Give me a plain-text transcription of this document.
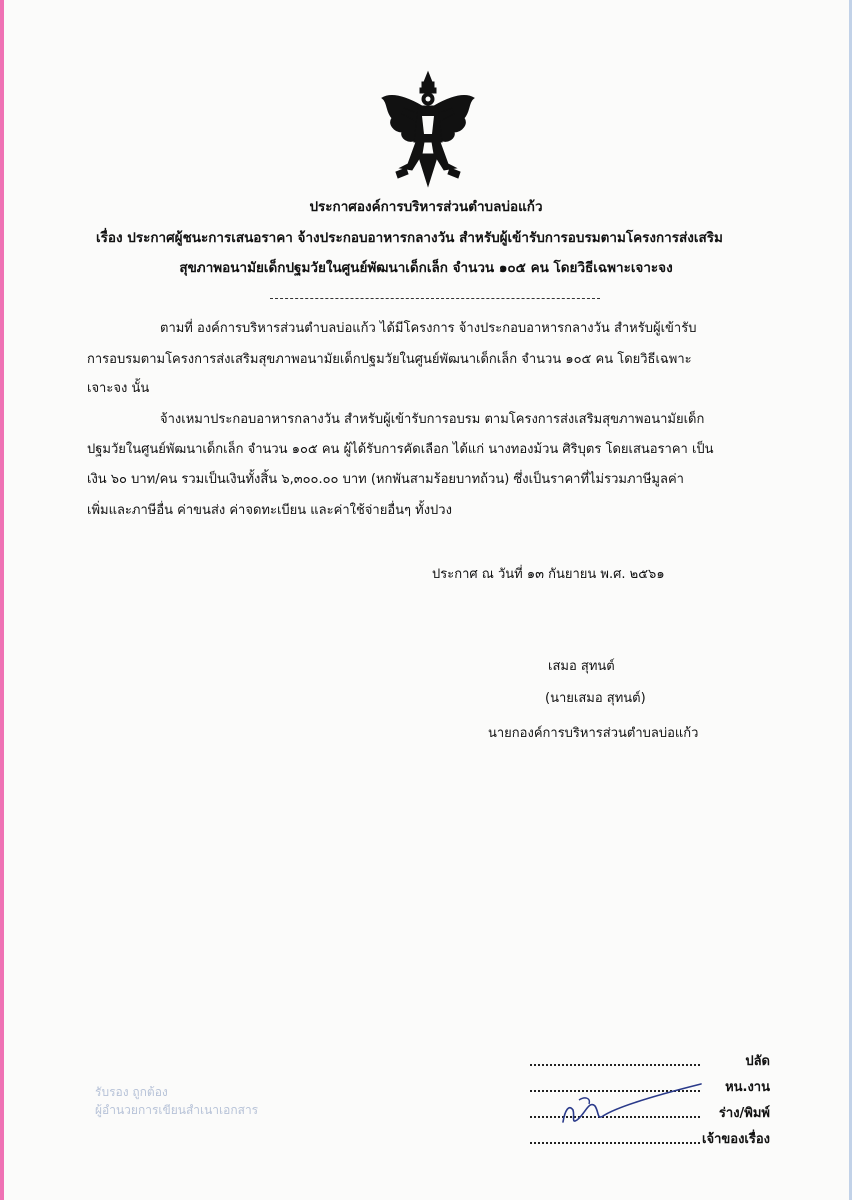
ประกาศองค์การบริหารส่วนตำบลบ่อแก้ว
เรื่อง ประกาศผู้ชนะการเสนอราคา จ้างประกอบอาหารกลางวัน สำหรับผู้เข้ารับการอบรมตามโครงการส่งเสริม
สุขภาพอนามัยเด็กปฐมวัยในศูนย์พัฒนาเด็กเล็ก จำนวน ๑๐๕ คน โดยวิธีเฉพาะเจาะจง
ตามที่ องค์การบริหารส่วนตำบลบ่อแก้ว ได้มีโครงการ จ้างประกอบอาหารกลางวัน สำหรับผู้เข้ารับ
การอบรมตามโครงการส่งเสริมสุขภาพอนามัยเด็กปฐมวัยในศูนย์พัฒนาเด็กเล็ก จำนวน ๑๐๕ คน โดยวิธีเฉพาะ
เจาะจง นั้น
จ้างเหมาประกอบอาหารกลางวัน สำหรับผู้เข้ารับการอบรม ตามโครงการส่งเสริมสุขภาพอนามัยเด็ก
ปฐมวัยในศูนย์พัฒนาเด็กเล็ก จำนวน ๑๐๕ คน ผู้ได้รับการคัดเลือก ได้แก่ นางทองม้วน ศิริบุตร โดยเสนอราคา เป็น
เงิน ๖๐ บาท/คน รวมเป็นเงินทั้งสิ้น ๖,๓๐๐.๐๐ บาท (หกพันสามร้อยบาทถ้วน) ซึ่งเป็นราคาที่ไม่รวมภาษีมูลค่า
เพิ่มและภาษีอื่น ค่าขนส่ง ค่าจดทะเบียน และค่าใช้จ่ายอื่นๆ ทั้งปวง
ประกาศ ณ วันที่ ๑๓ กันยายน พ.ศ. ๒๕๖๑
เสมอ สุทนต์
(นายเสมอ สุทนต์)
นายกองค์การบริหารส่วนตำบลบ่อแก้ว
รับรอง ถูกต้อง
ผู้อำนวยการเขียนสำเนาเอกสาร
ปลัด
หน.งาน
ร่าง/พิมพ์
เจ้าของเรื่อง
